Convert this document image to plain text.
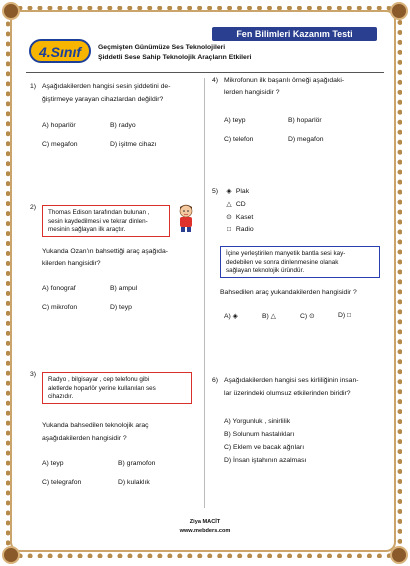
Fen Bilimleri Kazanım Testi
4.Sınıf	Geçmişten Günümüze Ses Teknolojileri
Şiddetli Sese Sahip Teknolojik Araçların Etkileri
1) Aşağıdakilerden hangisi sesin şiddetini de-
ğiştirmeye yarayan cihazlardan değildir?
A) hoparlör	B) radyo
C) megafon	D) işitme cihazı
2)
Thomas Edison tarafından bulunan ,
sesin kaydedilmesi ve tekrar dinlen-
mesinin sağlayan ilk araçtır.
Yukanda Ozan'ın bahsettiği araç aşağıda-
kilerden hangisidir?
A) fonograf	B) ampul
C) mikrofon	D) teyp
3)
Radyo , bilgisayar , cep telefonu gibi
aletlerde hoparlör yerine kullanılan ses
cihazıdır.
Yukanda bahsedilen teknolojik araç
aşağıdakilerden hangisidir ?
A) teyp	B) gramofon
C) telegrafon	D) kulaklık
4) Mikrofonun ilk başarılı örneği aşağıdaki-
lerden hangisidir ?
A) teyp	B) hoparlör
C) telefon	D) megafon
5)	◈ Plak
△ CD
⊙ Kaset
□ Radio
İçine yerleştirilen manyetik bantla sesi kay-
dedebilen ve sonra dinlenmesine olanak
sağlayan teknolojik üründür.
Bahsedilen araç yukandakilerden hangisidir ?
A) ◈	B) △	C) ⊙	D) □
6) Aşağıdakilerden hangisi ses kirliliğinin insan-
lar üzerindeki olumsuz etkilerinden biridir?
A) Yorgunluk , sinirlilik
B) Solunum hastalıkları
C) Eklem ve bacak ağrıları
D) İnsan iştahının azalması
Ziya MACİT
www.mebders.com
